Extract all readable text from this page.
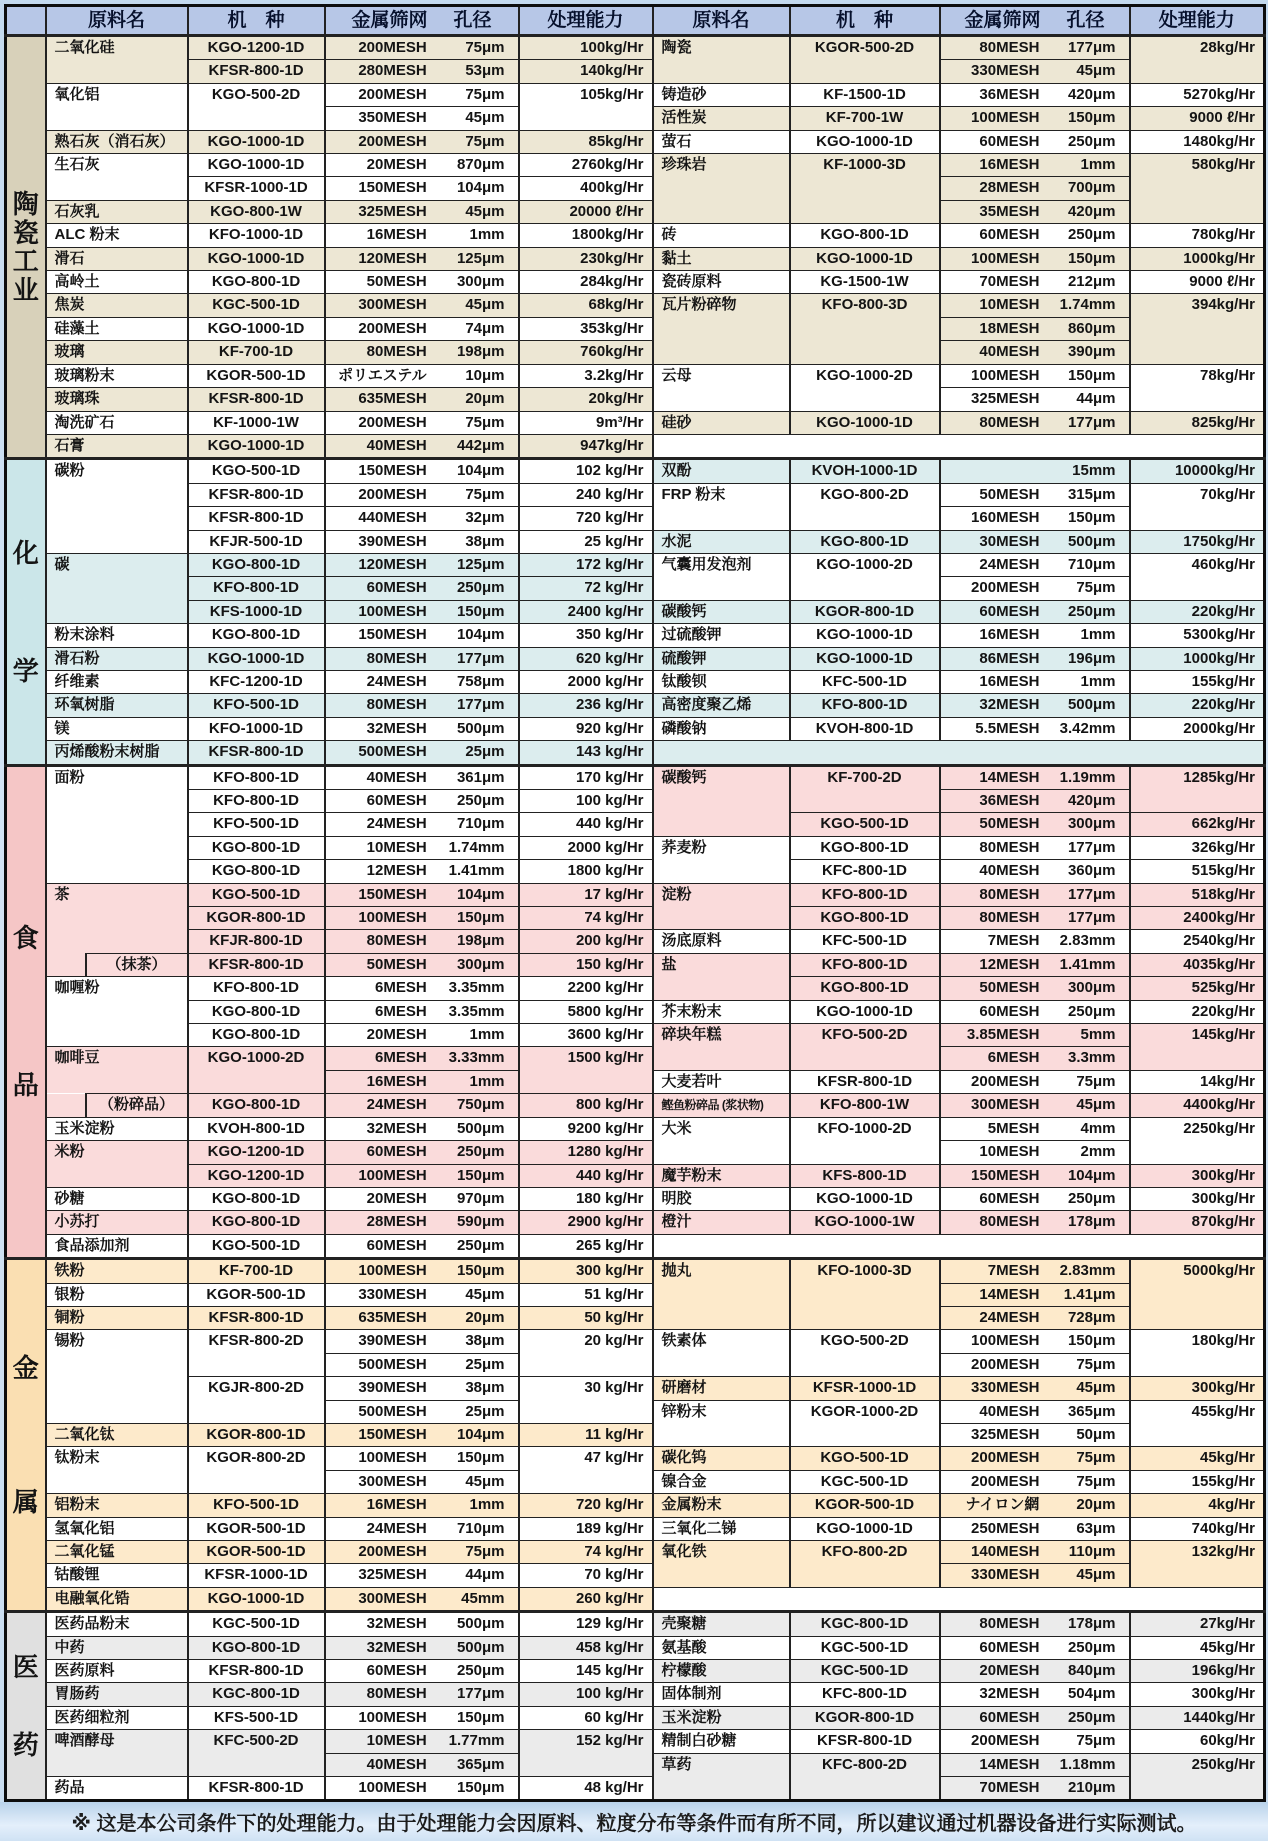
	原料名		机　种	金属筛网 孔径	处理能力	原料名	机　种	金属筛网 孔径	处理能力

陶
瓷
工
业	二氧化硅		KGO-1200-1D	200MESH 75μm	100kg/Hr	陶瓷	KGOR-500-2D	80MESH 177μm	28kg/Hr
			KFSR-800-1D	280MESH 53μm	140kg/Hr			330MESH 45μm	

	氧化铝		KGO-500-2D	200MESH 75μm	105kg/Hr	铸造砂	KF-1500-1D	36MESH 420μm	5270kg/Hr

				350MESH 45μm		活性炭	KF-700-1W	100MESH 150μm	9000 ℓ/Hr
	熟石灰（消石灰）		KGO-1000-1D	200MESH 75μm	85kg/Hr	萤石	KGO-1000-1D	60MESH 250μm	1480kg/Hr
	生石灰		KGO-1000-1D	20MESH 870μm	2760kg/Hr	珍珠岩	KF-1000-3D	16MESH 1mm	580kg/Hr
			KFSR-1000-1D	150MESH 104μm	400kg/Hr			28MESH 700μm	

	石灰乳		KGO-800-1W	325MESH 45μm	20000 ℓ/Hr			35MESH 420μm	

	ALC 粉末		KFO-1000-1D	16MESH 1mm	1800kg/Hr	砖	KGO-800-1D	60MESH 250μm	780kg/Hr
	滑石		KGO-1000-1D	120MESH 125μm	230kg/Hr	黏土	KGO-1000-1D	100MESH 150μm	1000kg/Hr
	高岭土		KGO-800-1D	50MESH 300μm	284kg/Hr	瓷砖原料	KG-1500-1W	70MESH 212μm	9000 ℓ/Hr
	焦炭		KGC-500-1D	300MESH 45μm	68kg/Hr	瓦片粉碎物	KFO-800-3D	10MESH 1.74mm	394kg/Hr
	硅藻土		KGO-1000-1D	200MESH 74μm	353kg/Hr			18MESH 860μm	

	玻璃		KF-700-1D	80MESH 198μm	760kg/Hr			40MESH 390μm	

	玻璃粉末		KGOR-500-1D	ポリエステル 10μm	3.2kg/Hr	云母	KGO-1000-2D	100MESH 150μm	78kg/Hr
	玻璃珠		KFSR-800-1D	635MESH 20μm	20kg/Hr			325MESH 44μm	

	淘洗矿石		KF-1000-1W	200MESH 75μm	9m³/Hr	硅砂	KGO-1000-1D	80MESH 177μm	825kg/Hr
	石膏		KGO-1000-1D	40MESH 442μm	947kg/Hr				

化
学	碳粉		KGO-500-1D	150MESH 104μm	102 kg/Hr	双酚	KVOH-1000-1D	15mm	10000kg/Hr
			KFSR-800-1D	200MESH 75μm	240 kg/Hr	FRP 粉末	KGO-800-2D	50MESH 315μm	70kg/Hr
			KFSR-800-1D	440MESH 32μm	720 kg/Hr			160MESH 150μm	

			KFJR-500-1D	390MESH 38μm	25 kg/Hr	水泥	KGO-800-1D	30MESH 500μm	1750kg/Hr
	碳		KGO-800-1D	120MESH 125μm	172 kg/Hr	气囊用发泡剂	KGO-1000-2D	24MESH 710μm	460kg/Hr
			KFO-800-1D	60MESH 250μm	72 kg/Hr			200MESH 75μm	

			KFS-1000-1D	100MESH 150μm	2400 kg/Hr	碳酸钙	KGOR-800-1D	60MESH 250μm	220kg/Hr
	粉末涂料		KGO-800-1D	150MESH 104μm	350 kg/Hr	过硫酸钾	KGO-1000-1D	16MESH 1mm	5300kg/Hr
	滑石粉		KGO-1000-1D	80MESH 177μm	620 kg/Hr	硫酸钾	KGO-1000-1D	86MESH 196μm	1000kg/Hr
	纤维素		KFC-1200-1D	24MESH 758μm	2000 kg/Hr	钛酸钡	KFC-500-1D	16MESH 1mm	155kg/Hr
	环氧树脂		KFO-500-1D	80MESH 177μm	236 kg/Hr	高密度聚乙烯	KFO-800-1D	32MESH 500μm	220kg/Hr
	镁		KFO-1000-1D	32MESH 500μm	920 kg/Hr	磷酸钠	KVOH-800-1D	5.5MESH 3.42mm	2000kg/Hr
	丙烯酸粉末树脂		KFSR-800-1D	500MESH 25μm	143 kg/Hr				

食
品	面粉		KFO-800-1D	40MESH 361μm	170 kg/Hr	碳酸钙	KF-700-2D	14MESH 1.19mm	1285kg/Hr
			KFO-800-1D	60MESH 250μm	100 kg/Hr			36MESH 420μm	

			KFO-500-1D	24MESH 710μm	440 kg/Hr		KGO-500-1D	50MESH 300μm	662kg/Hr
			KGO-800-1D	10MESH 1.74mm	2000 kg/Hr	荞麦粉	KGO-800-1D	80MESH 177μm	326kg/Hr
			KGO-800-1D	12MESH 1.41mm	1800 kg/Hr		KFC-800-1D	40MESH 360μm	515kg/Hr
	茶		KGO-500-1D	150MESH 104μm	17 kg/Hr	淀粉	KFO-800-1D	80MESH 177μm	518kg/Hr
			KGOR-800-1D	100MESH 150μm	74 kg/Hr		KGO-800-1D	80MESH 177μm	2400kg/Hr
			KFJR-800-1D	80MESH 198μm	200 kg/Hr	汤底原料	KFC-500-1D	7MESH 2.83mm	2540kg/Hr
		（抹茶）	KFSR-800-1D	50MESH 300μm	150 kg/Hr	盐	KFO-800-1D	12MESH 1.41mm	4035kg/Hr
	咖喱粉		KFO-800-1D	6MESH 3.35mm	2200 kg/Hr		KGO-800-1D	50MESH 300μm	525kg/Hr
			KGO-800-1D	6MESH 3.35mm	5800 kg/Hr	芥末粉末	KGO-1000-1D	60MESH 250μm	220kg/Hr
			KGO-800-1D	20MESH 1mm	3600 kg/Hr	碎块年糕	KFO-500-2D	3.85MESH 5mm	145kg/Hr
	咖啡豆		KGO-1000-2D	6MESH 3.33mm	1500 kg/Hr			6MESH 3.3mm	

				16MESH 1mm		大麦若叶	KFSR-800-1D	200MESH 75μm	14kg/Hr
		（粉碎品）	KGO-800-1D	24MESH 750μm	800 kg/Hr	鲣鱼粉碎品 (浆状物)	KFO-800-1W	300MESH 45μm	4400kg/Hr
	玉米淀粉		KVOH-800-1D	32MESH 500μm	9200 kg/Hr	大米	KFO-1000-2D	5MESH 4mm	2250kg/Hr
	米粉		KGO-1200-1D	60MESH 250μm	1280 kg/Hr			10MESH 2mm	

			KGO-1200-1D	100MESH 150μm	440 kg/Hr	魔芋粉末	KFS-800-1D	150MESH 104μm	300kg/Hr
	砂糖		KGO-800-1D	20MESH 970μm	180 kg/Hr	明胶	KGO-1000-1D	60MESH 250μm	300kg/Hr
	小苏打		KGO-800-1D	28MESH 590μm	2900 kg/Hr	橙汁	KGO-1000-1W	80MESH 178μm	870kg/Hr
	食品添加剂		KGO-500-1D	60MESH 250μm	265 kg/Hr				

金
属	铁粉		KF-700-1D	100MESH 150μm	300 kg/Hr	抛丸	KFO-1000-3D	7MESH 2.83mm	5000kg/Hr
	银粉		KGOR-500-1D	330MESH 45μm	51 kg/Hr			14MESH 1.41μm	

	铜粉		KFSR-800-1D	635MESH 20μm	50 kg/Hr			24MESH 728μm	

	锡粉		KFSR-800-2D	390MESH 38μm	20 kg/Hr	铁素体	KGO-500-2D	100MESH 150μm	180kg/Hr

				500MESH 25μm				200MESH 75μm	

			KGJR-800-2D	390MESH 38μm	30 kg/Hr	研磨材	KFSR-1000-1D	330MESH 45μm	300kg/Hr

				500MESH 25μm		锌粉末	KGOR-1000-2D	40MESH 365μm	455kg/Hr
	二氧化钛		KGOR-800-1D	150MESH 104μm	11 kg/Hr			325MESH 50μm	

	钛粉末		KGOR-800-2D	100MESH 150μm	47 kg/Hr	碳化钨	KGO-500-1D	200MESH 75μm	45kg/Hr

				300MESH 45μm		镍合金	KGC-500-1D	200MESH 75μm	155kg/Hr
	铝粉末		KFO-500-1D	16MESH 1mm	720 kg/Hr	金属粉末	KGOR-500-1D	ナイロン網 20μm	4kg/Hr
	氢氧化铝		KGOR-500-1D	24MESH 710μm	189 kg/Hr	三氧化二锑	KGO-1000-1D	250MESH 63μm	740kg/Hr
	二氧化锰		KGOR-500-1D	200MESH 75μm	74 kg/Hr	氧化铁	KFO-800-2D	140MESH 110μm	132kg/Hr
	钴酸锂		KFSR-1000-1D	325MESH 44μm	70 kg/Hr			330MESH 45μm	

	电融氧化锆		KGO-1000-1D	300MESH 45mm	260 kg/Hr				

医
药	医药品粉末		KGC-500-1D	32MESH 500μm	129 kg/Hr	壳聚糖	KGC-800-1D	80MESH 178μm	27kg/Hr
	中药		KGO-800-1D	32MESH 500μm	458 kg/Hr	氨基酸	KGC-500-1D	60MESH 250μm	45kg/Hr
	医药原料		KFSR-800-1D	60MESH 250μm	145 kg/Hr	柠檬酸	KGC-500-1D	20MESH 840μm	196kg/Hr
	胃肠药		KGC-800-1D	80MESH 177μm	100 kg/Hr	固体制剂	KFC-800-1D	32MESH 504μm	300kg/Hr
	医药细粒剂		KFS-500-1D	100MESH 150μm	60 kg/Hr	玉米淀粉	KGOR-800-1D	60MESH 250μm	1440kg/Hr
	啤酒酵母		KFC-500-2D	10MESH 1.77mm	152 kg/Hr	精制白砂糖	KFSR-800-1D	200MESH 75μm	60kg/Hr

				40MESH 365μm		草药	KFC-800-2D	14MESH 1.18mm	250kg/Hr
	药品		KFSR-800-1D	100MESH 150μm	48 kg/Hr			70MESH 210μm	
※ 这是本公司条件下的处理能力。由于处理能力会因原料、粒度分布等条件而有所不同，所以建议通过机器设备进行实际测试。
